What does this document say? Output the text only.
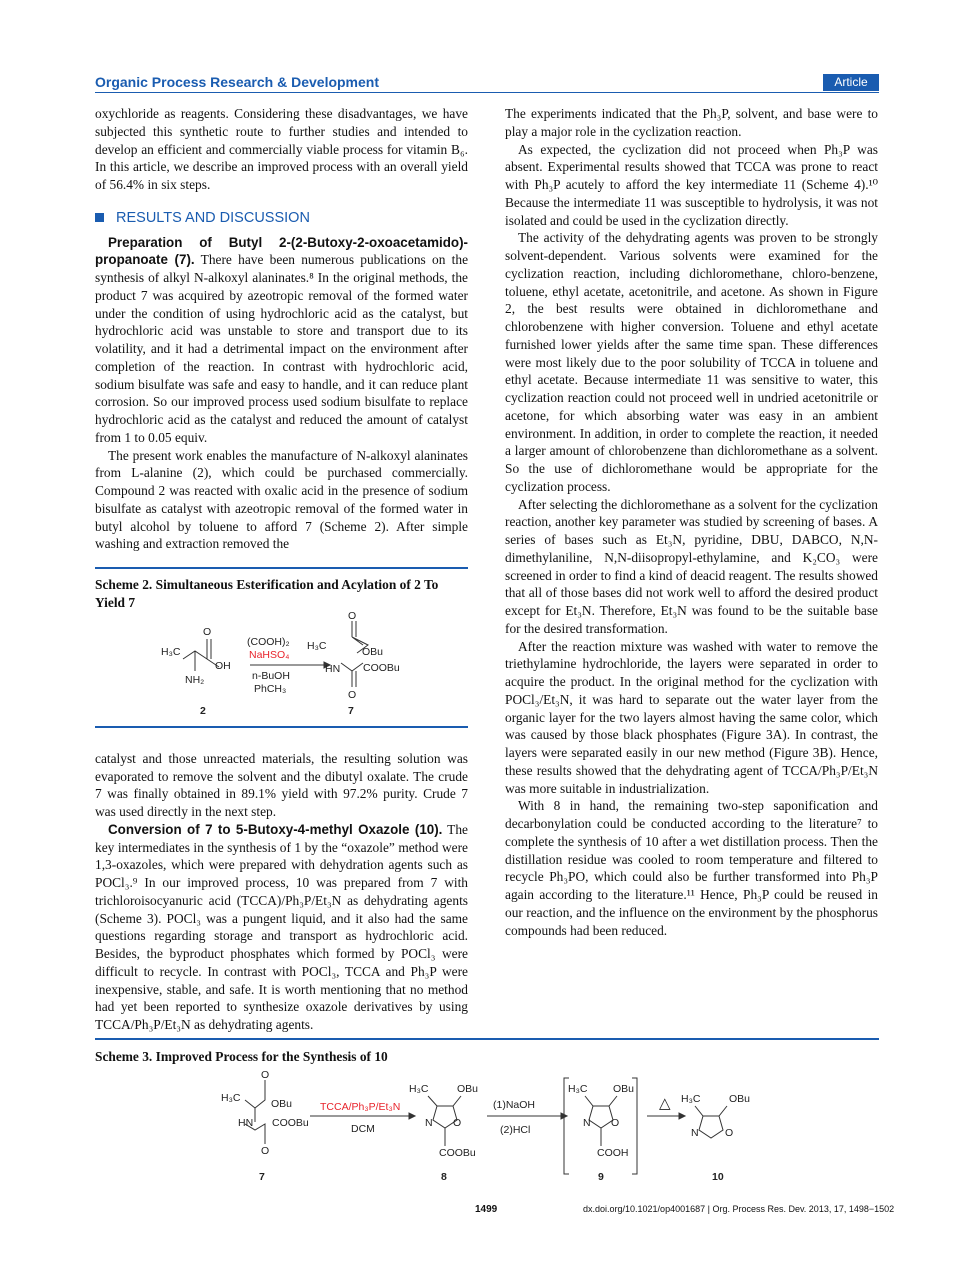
Organic Process Research & Development	Article

oxychloride as reagents. Considering these disadvantages, we have subjected this synthetic route to further studies and intended to develop an efficient and commercially viable process for vitamin B₆. In this article, we describe an improved process with an overall yield of 56.4% in six steps.

RESULTS AND DISCUSSION

Preparation of Butyl 2-(2-Butoxy-2-oxoacetamido)-propanoate (7). There have been numerous publications on the synthesis of alkyl N-alkoxyl alaninates.⁸ In the original methods, the product 7 was acquired by azeotropic removal of the formed water under the condition of using hydrochloric acid as the catalyst, but hydrochloric acid was unstable to store and transport due to its volatility, and it had a detrimental impact on the environment after completion of the reaction. In contrast with hydrochloric acid, sodium bisulfate was safe and easy to handle, and it can reduce plant corrosion. So our improved process used sodium bisulfate to replace hydrochloric acid as the catalyst and reduced the amount of catalyst from 1 to 0.05 equiv.

The present work enables the manufacture of N-alkoxyl alaninates from L-alanine (2), which could be purchased commercially. Compound 2 was reacted with oxalic acid in the presence of sodium bisulfate as catalyst with azeotropic removal of the formed water in butyl alcohol by toluene to afford 7 (Scheme 2). After simple washing and extraction removed the

Scheme 2. Simultaneous Esterification and Acylation of 2 To Yield 7
H₃C
O
OH
NH₂
(COOH)₂
NaHSO₄
n-BuOH
PhCH₃
H₃C
O
OBu
HN COOBu
O
2	7

catalyst and those unreacted materials, the resulting solution was evaporated to remove the solvent and the dibutyl oxalate. The crude 7 was finally obtained in 89.1% yield with 97.2% purity. Crude 7 was used directly in the next step.

Conversion of 7 to 5-Butoxy-4-methyl Oxazole (10). The key intermediates in the synthesis of 1 by the “oxazole” method were 1,3-oxazoles, which were prepared with dehydration agents such as POCl₃.⁹ In our improved process, 10 was prepared from 7 with trichloroisocyanuric acid (TCCA)/Ph₃P/Et₃N as dehydrating agents (Scheme 3). POCl₃ was a pungent liquid, and it also had the same questions regarding storage and transport as hydrochloric acid. Besides, the byproduct phosphates which formed by POCl₃ were difficult to recycle. In contrast with POCl₃, TCCA and Ph₃P were inexpensive, stable, and safe. It is worth mentioning that no method had yet been reported to synthesize oxazole derivatives by using TCCA/Ph₃P/Et₃N as dehydrating agents.

The experiments indicated that the Ph₃P, solvent, and base were to play a major role in the cyclization reaction.

As expected, the cyclization did not proceed when Ph₃P was absent. Experimental results showed that TCCA was prone to react with Ph₃P acutely to afford the key intermediate 11 (Scheme 4).¹⁰ Because the intermediate 11 was susceptible to hydrolysis, it was not isolated and could be used in the cyclization directly.

The activity of the dehydrating agents was proven to be strongly solvent-dependent. Various solvents were examined for the cyclization reaction, including dichloromethane, chloro-benzene, toluene, ethyl acetate, acetonitrile, and acetone. As shown in Figure 2, the best results were obtained in dichloromethane and chlorobenzene with higher conversion. Toluene and ethyl acetate furnished lower yields after the same time span. These differences were most likely due to the poor solubility of TCCA in toluene and ethyl acetate. Because intermediate 11 was sensitive to water, this cyclization reaction could not proceed well in undried acetonitrile or acetone, for which absorbing water was easy in an ambient environment. In addition, in order to complete the reaction, it needed a larger amount of chlorobenzene than dichloromethane as a solvent. So the use of dichloromethane would be appropriate for the cyclization process.

After selecting the dichloromethane as a solvent for the cyclization reaction, another key parameter was studied by screening of bases. A series of bases such as Et₃N, pyridine, DBU, DABCO, N,N-dimethylaniline, N,N-diisopropyl-ethylamine, and K₂CO₃ were screened in order to find a kind of deacid reagent. The results showed that all of those bases did not work well to afford the desired product except for Et₃N. Therefore, Et₃N was found to be the suitable base for the desired transformation.

After the reaction mixture was washed with water to remove the triethylamine hydrochloride, the layers were separated in order to acquire the product. In the original method for the cyclization with POCl₃/Et₃N, it was hard to separate out the water layer from the organic layer for the two layers almost having the same color, which was caused by those black phosphates (Figure 3A). In contrast, the layers were separated easily in our new method (Figure 3B). Hence, these results showed that the dehydrating agent of TCCA/Ph₃P/Et₃N was more suitable in industrialization.

With 8 in hand, the remaining two-step saponification and decarbonylation could be conducted according to the literature⁷ to complete the synthesis of 10 after a wet distillation process. Then the distillation residue was cooled to room temperature and filtered to recycle Ph₃PO, which could also be further transformed into Ph₃P again according to the literature.¹¹ Hence, Ph₃P could be reused in our reaction, and the influence on the environment by the phosphorus compounds had been reduced.

Scheme 3. Improved Process for the Synthesis of 10
H₃C
O
OBu
HN COOBu
O
TCCA/Ph₃P/Et₃N
DCM
H₃C	OBu
N O
COOBu
(1)NaOH
(2)HCl
H₃C OBu
N O
COOH
△ H₃C	OBu
N	O
7	8	9	10
1499	dx.doi.org/10.1021/op4001687 | Org. Process Res. Dev. 2013, 17, 1498−1502
